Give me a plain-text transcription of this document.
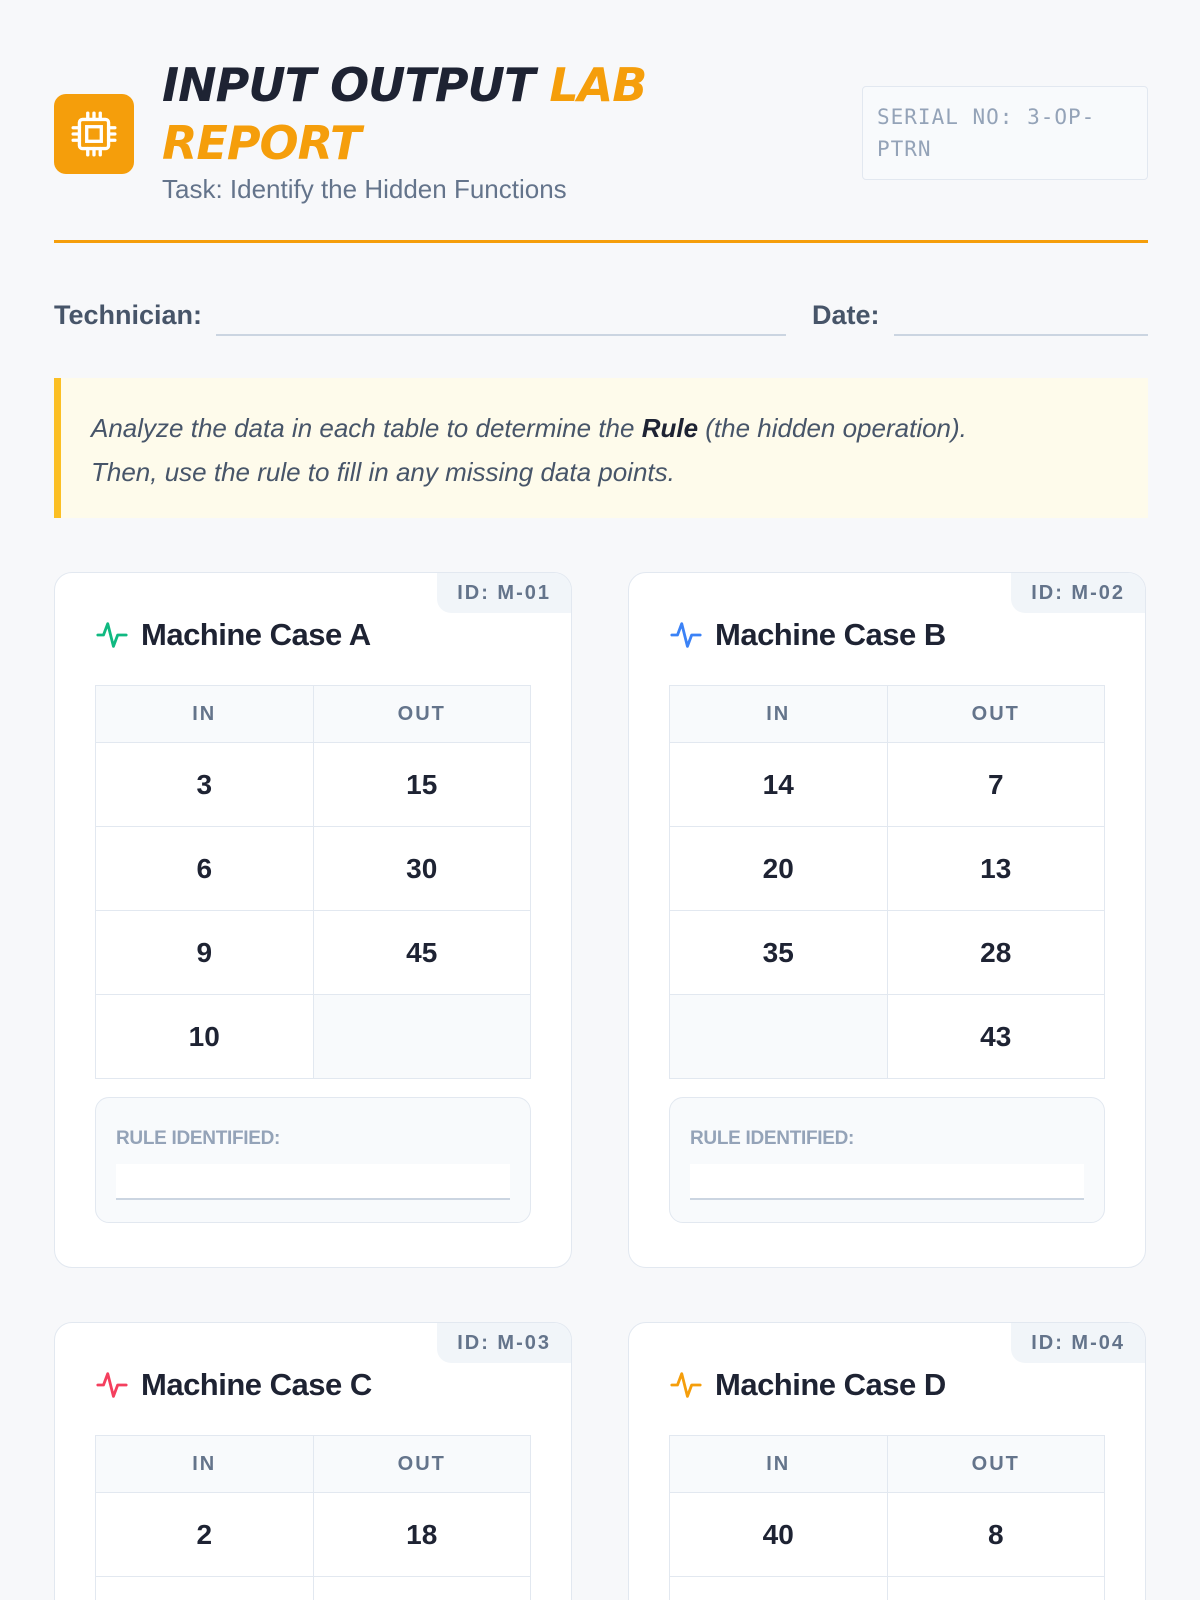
INPUT OUTPUT LAB
REPORT
Task: Identify the Hidden Functions
SERIAL NO: 3-OP-
PTRN
Technician:	Date:
Analyze the data in each table to determine the Rule (the hidden operation).
Then, use the rule to fill in any missing data points.
ID: M-01
Machine Case A
IN	OUT
3	15
6	30
9	45
10	
RULE IDENTIFIED:
ID: M-02
Machine Case B
IN	OUT
14	7
20	13
35	28
	43
RULE IDENTIFIED:
ID: M-03
Machine Case C
IN	OUT
2	18

ID: M-04
Machine Case D
IN	OUT
40	8
